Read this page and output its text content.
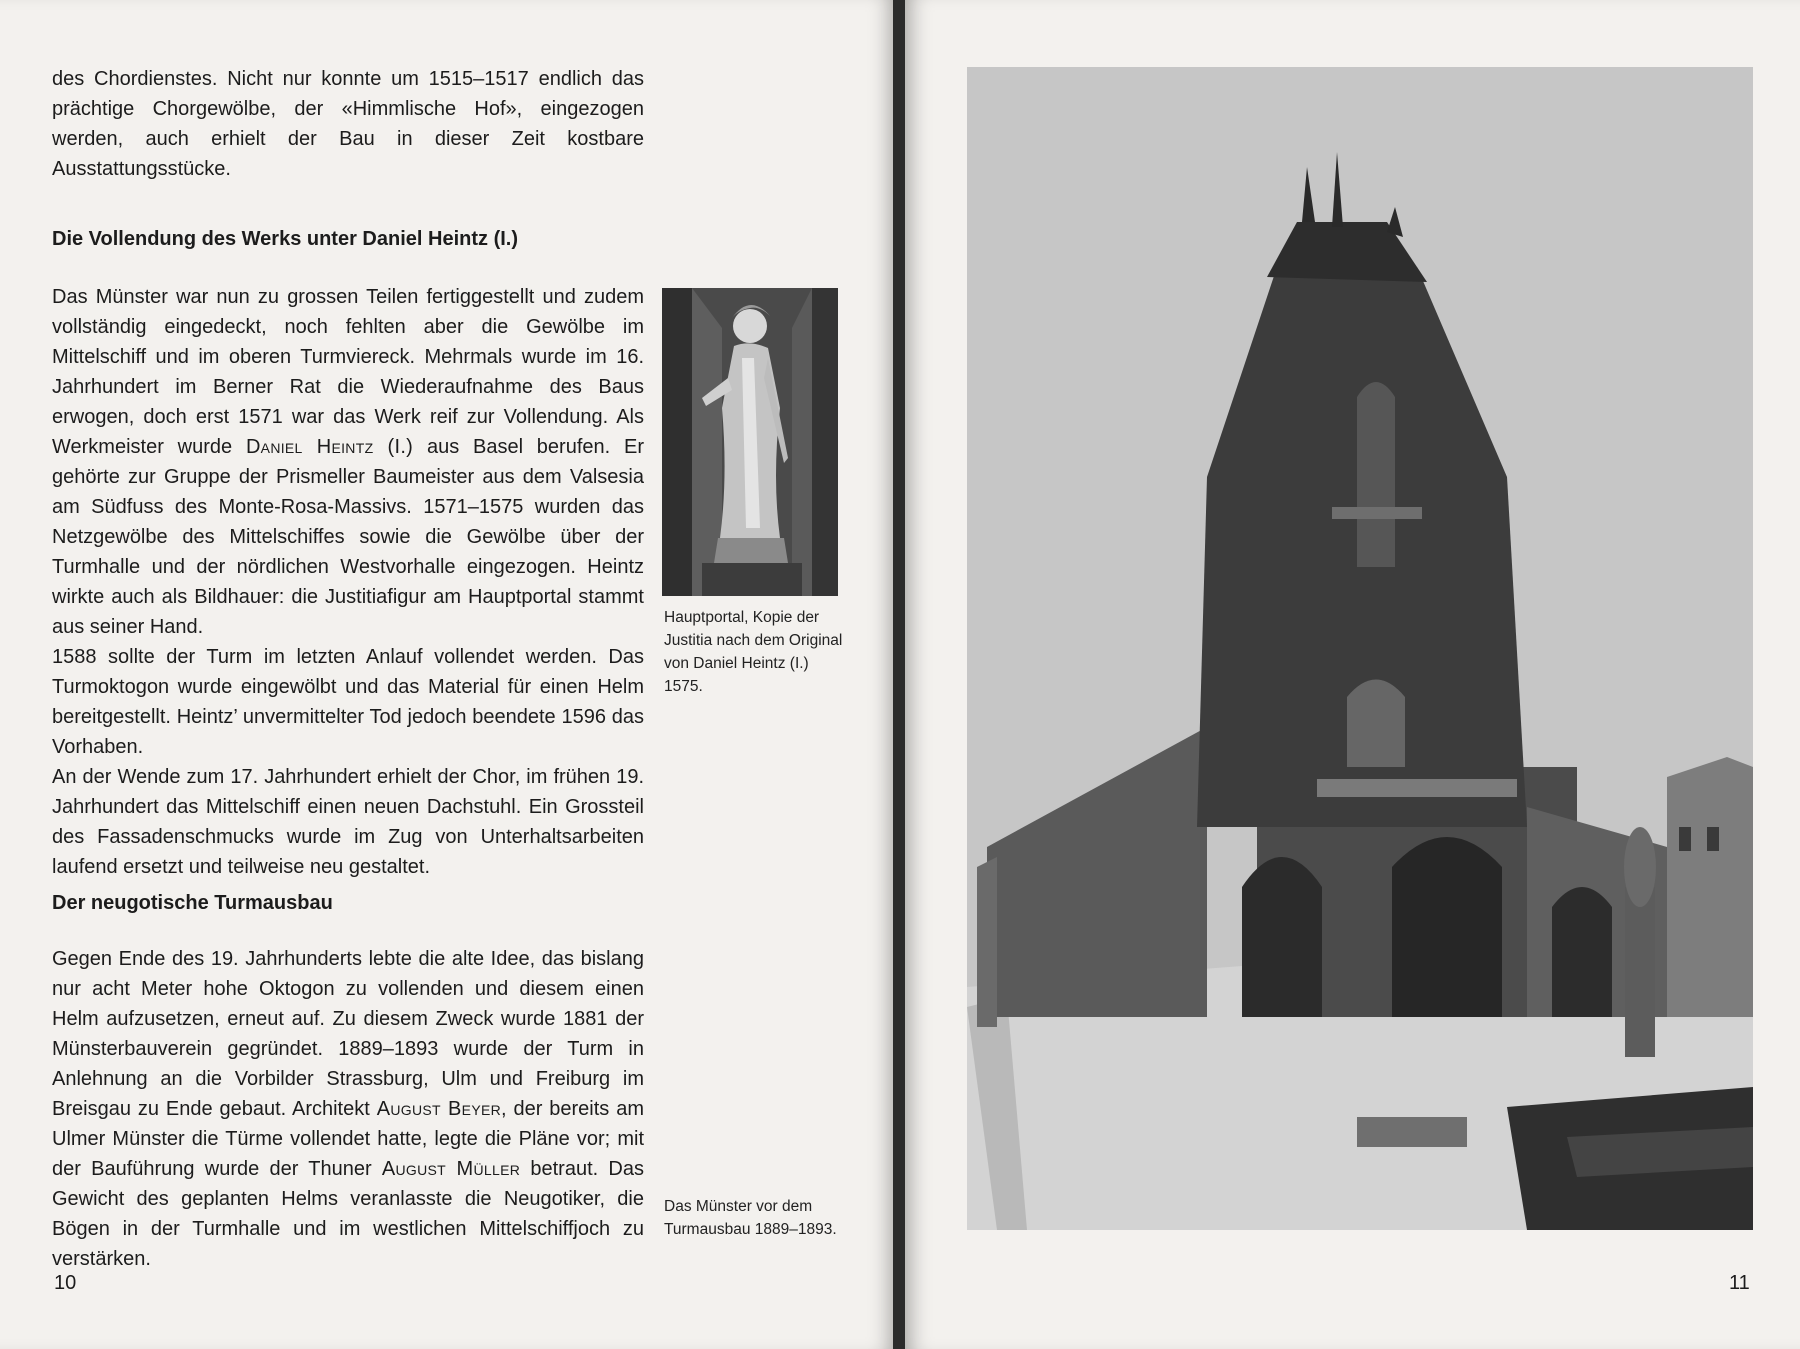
des Chordienstes. Nicht nur konnte um 1515–1517 endlich das prächtige Chorgewölbe, der «Himmlische Hof», eingezogen werden, auch erhielt der Bau in dieser Zeit kostbare Ausstattungsstücke.

Die Vollendung des Werks unter Daniel Heintz (I.)

Das Münster war nun zu grossen Teilen fertiggestellt und zudem vollständig eingedeckt, noch fehlten aber die Gewölbe im Mittelschiff und im oberen Turmviereck. Mehrmals wurde im 16. Jahrhundert im Berner Rat die Wiederaufnahme des Baus erwogen, doch erst 1571 war das Werk reif zur Vollendung. Als Werkmeister wurde Daniel Heintz (I.) aus Basel berufen. Er gehörte zur Gruppe der Prismeller Baumeister aus dem Valsesia am Südfuss des Monte-Rosa-Massivs. 1571–1575 wurden das Netzgewölbe des Mittelschiffes sowie die Gewölbe über der Turmhalle und der nördlichen Westvorhalle eingezogen. Heintz wirkte auch als Bildhauer: die Justitiafigur am Hauptportal stammt aus seiner Hand.

1588 sollte der Turm im letzten Anlauf vollendet werden. Das Turmoktogon wurde eingewölbt und das Material für einen Helm bereitgestellt. Heintz’ unvermittelter Tod jedoch beendete 1596 das Vorhaben.

An der Wende zum 17. Jahrhundert erhielt der Chor, im frühen 19. Jahrhundert das Mittelschiff einen neuen Dachstuhl. Ein Grossteil des Fassadenschmucks wurde im Zug von Unterhaltsarbeiten laufend ersetzt und teilweise neu gestaltet.

Der neugotische Turmausbau

Gegen Ende des 19. Jahrhunderts lebte die alte Idee, das bislang nur acht Meter hohe Oktogon zu vollenden und diesem einen Helm aufzusetzen, erneut auf. Zu diesem Zweck wurde 1881 der Münsterbauverein gegründet. 1889–1893 wurde der Turm in Anlehnung an die Vorbilder Strassburg, Ulm und Freiburg im Breisgau zu Ende gebaut. Architekt August Beyer, der bereits am Ulmer Münster die Türme vollendet hatte, legte die Pläne vor; mit der Bauführung wurde der Thuner August Müller betraut. Das Gewicht des geplanten Helms veranlasste die Neugotiker, die Bögen in der Turmhalle und im westlichen Mittelschiffjoch zu verstärken.

Hauptportal, Kopie der Justitia nach dem Original von Daniel Heintz (I.) 1575.
Das Münster vor dem Turmausbau 1889–1893.
10	11
